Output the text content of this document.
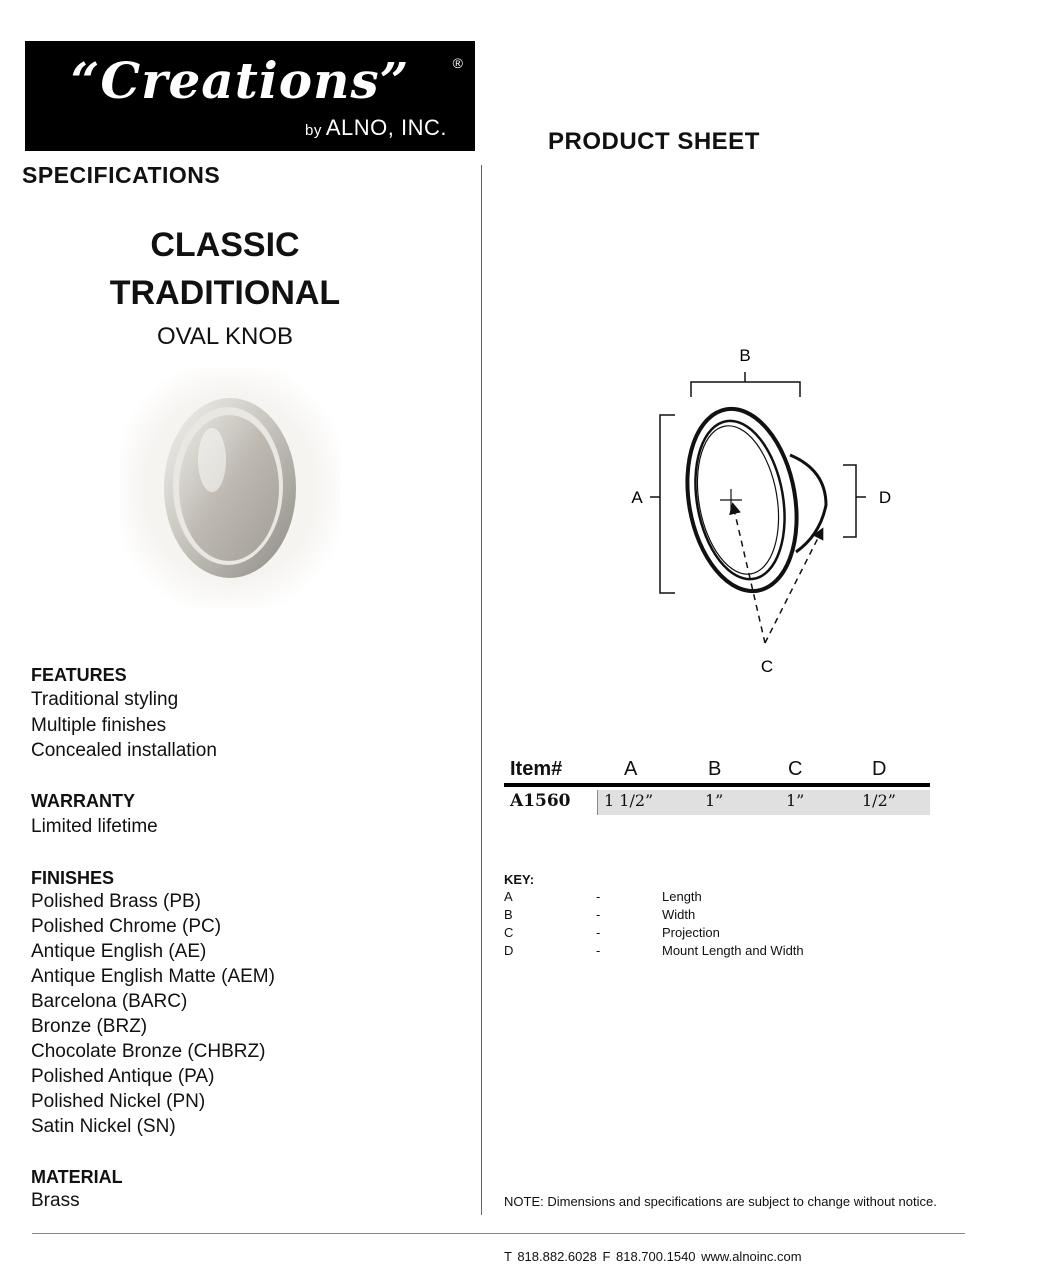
“Creations”	®
by ALNO, INC.
PRODUCT SHEET
SPECIFICATIONS
CLASSIC
TRADITIONAL
OVAL KNOB
FEATURES
Traditional styling
Multiple finishes
Concealed installation
WARRANTY
Limited lifetime
FINISHES
Polished Brass (PB)
Polished Chrome (PC)
Antique English (AE)
Antique English Matte (AEM)
Barcelona (BARC)
Bronze (BRZ)
Chocolate Bronze (CHBRZ)
Polished Antique (PA)
Polished Nickel (PN)
Satin Nickel (SN)
MATERIAL
Brass
B
A	D
C
Item#	A	B	C	D
A1560 1 1/2”	1”	1”	1/2”
KEY:
A	-	Length
B	-	Width
C	-	Projection
D	-	Mount Length and Width
NOTE: Dimensions and specifications are subject to change without notice.
T 818.882.6028 F 818.700.1540 www.alnoinc.com
